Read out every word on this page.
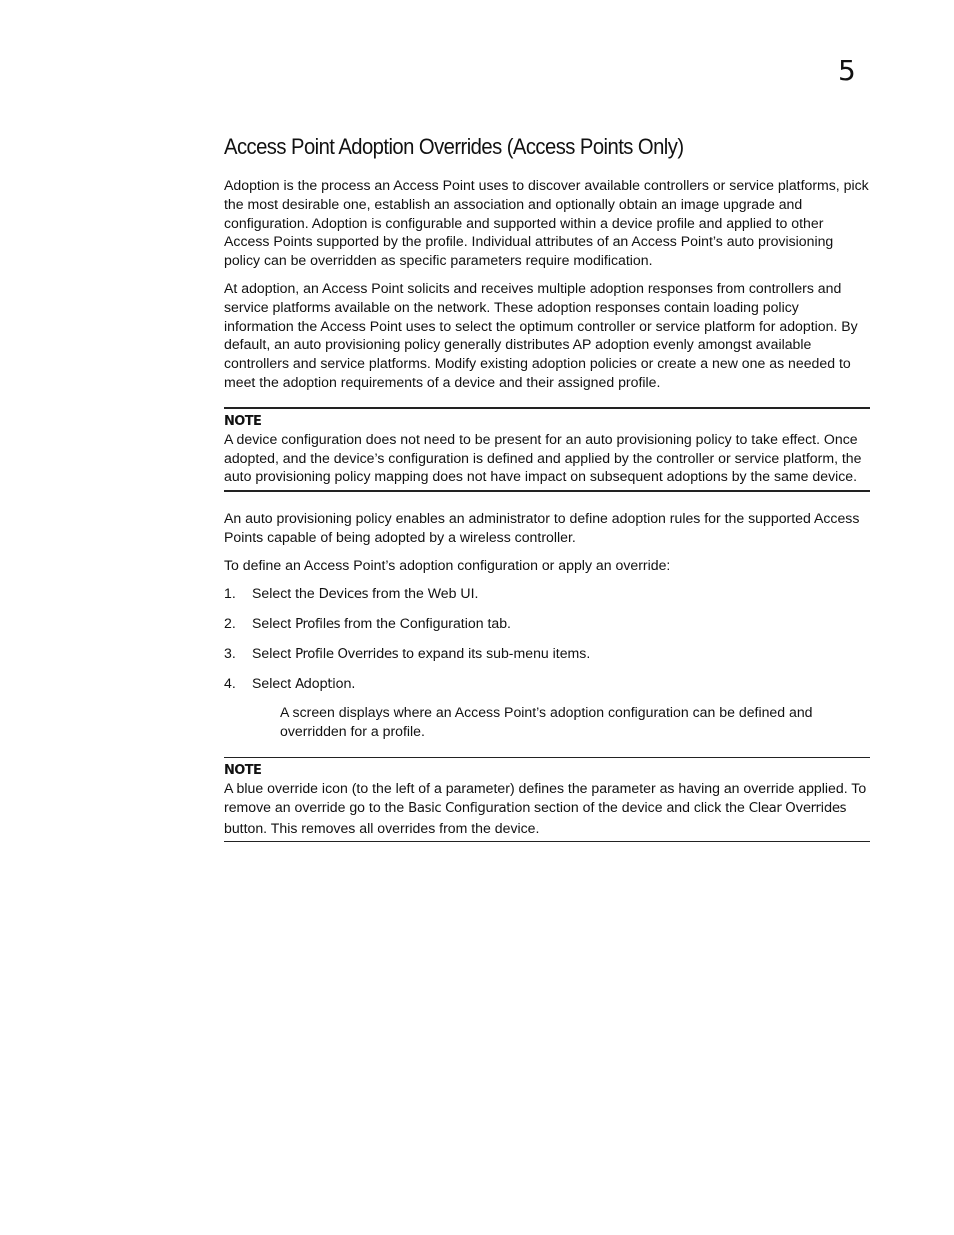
5
Access Point Adoption Overrides (Access Points Only)

Adoption is the process an Access Point uses to discover available controllers or service platforms, pick the most desirable one, establish an association and optionally obtain an image upgrade and configuration. Adoption is configurable and supported within a device profile and applied to other Access Points supported by the profile. Individual attributes of an Access Point’s auto provisioning policy can be overridden as specific parameters require modification.

At adoption, an Access Point solicits and receives multiple adoption responses from controllers and service platforms available on the network. These adoption responses contain loading policy information the Access Point uses to select the optimum controller or service platform for adoption. By default, an auto provisioning policy generally distributes AP adoption evenly amongst available controllers and service platforms. Modify existing adoption policies or create a new one as needed to meet the adoption requirements of a device and their assigned profile.

NOTE

A device configuration does not need to be present for an auto provisioning policy to take effect. Once adopted, and the device’s configuration is defined and applied by the controller or service platform, the auto provisioning policy mapping does not have impact on subsequent adoptions by the same device.

An auto provisioning policy enables an administrator to define adoption rules for the supported Access Points capable of being adopted by a wireless controller.

To define an Access Point’s adoption configuration or apply an override:

1.	Select the Devices from the Web UI.
2.	Select Profiles from the Configuration tab.
3.	Select Profile Overrides to expand its sub-menu items.
4.	Select Adoption.

A screen displays where an Access Point’s adoption configuration can be defined and overridden for a profile.

NOTE

A blue override icon (to the left of a parameter) defines the parameter as having an override applied. To remove an override go to the Basic Configuration section of the device and click the Clear Overrides button. This removes all overrides from the device.
